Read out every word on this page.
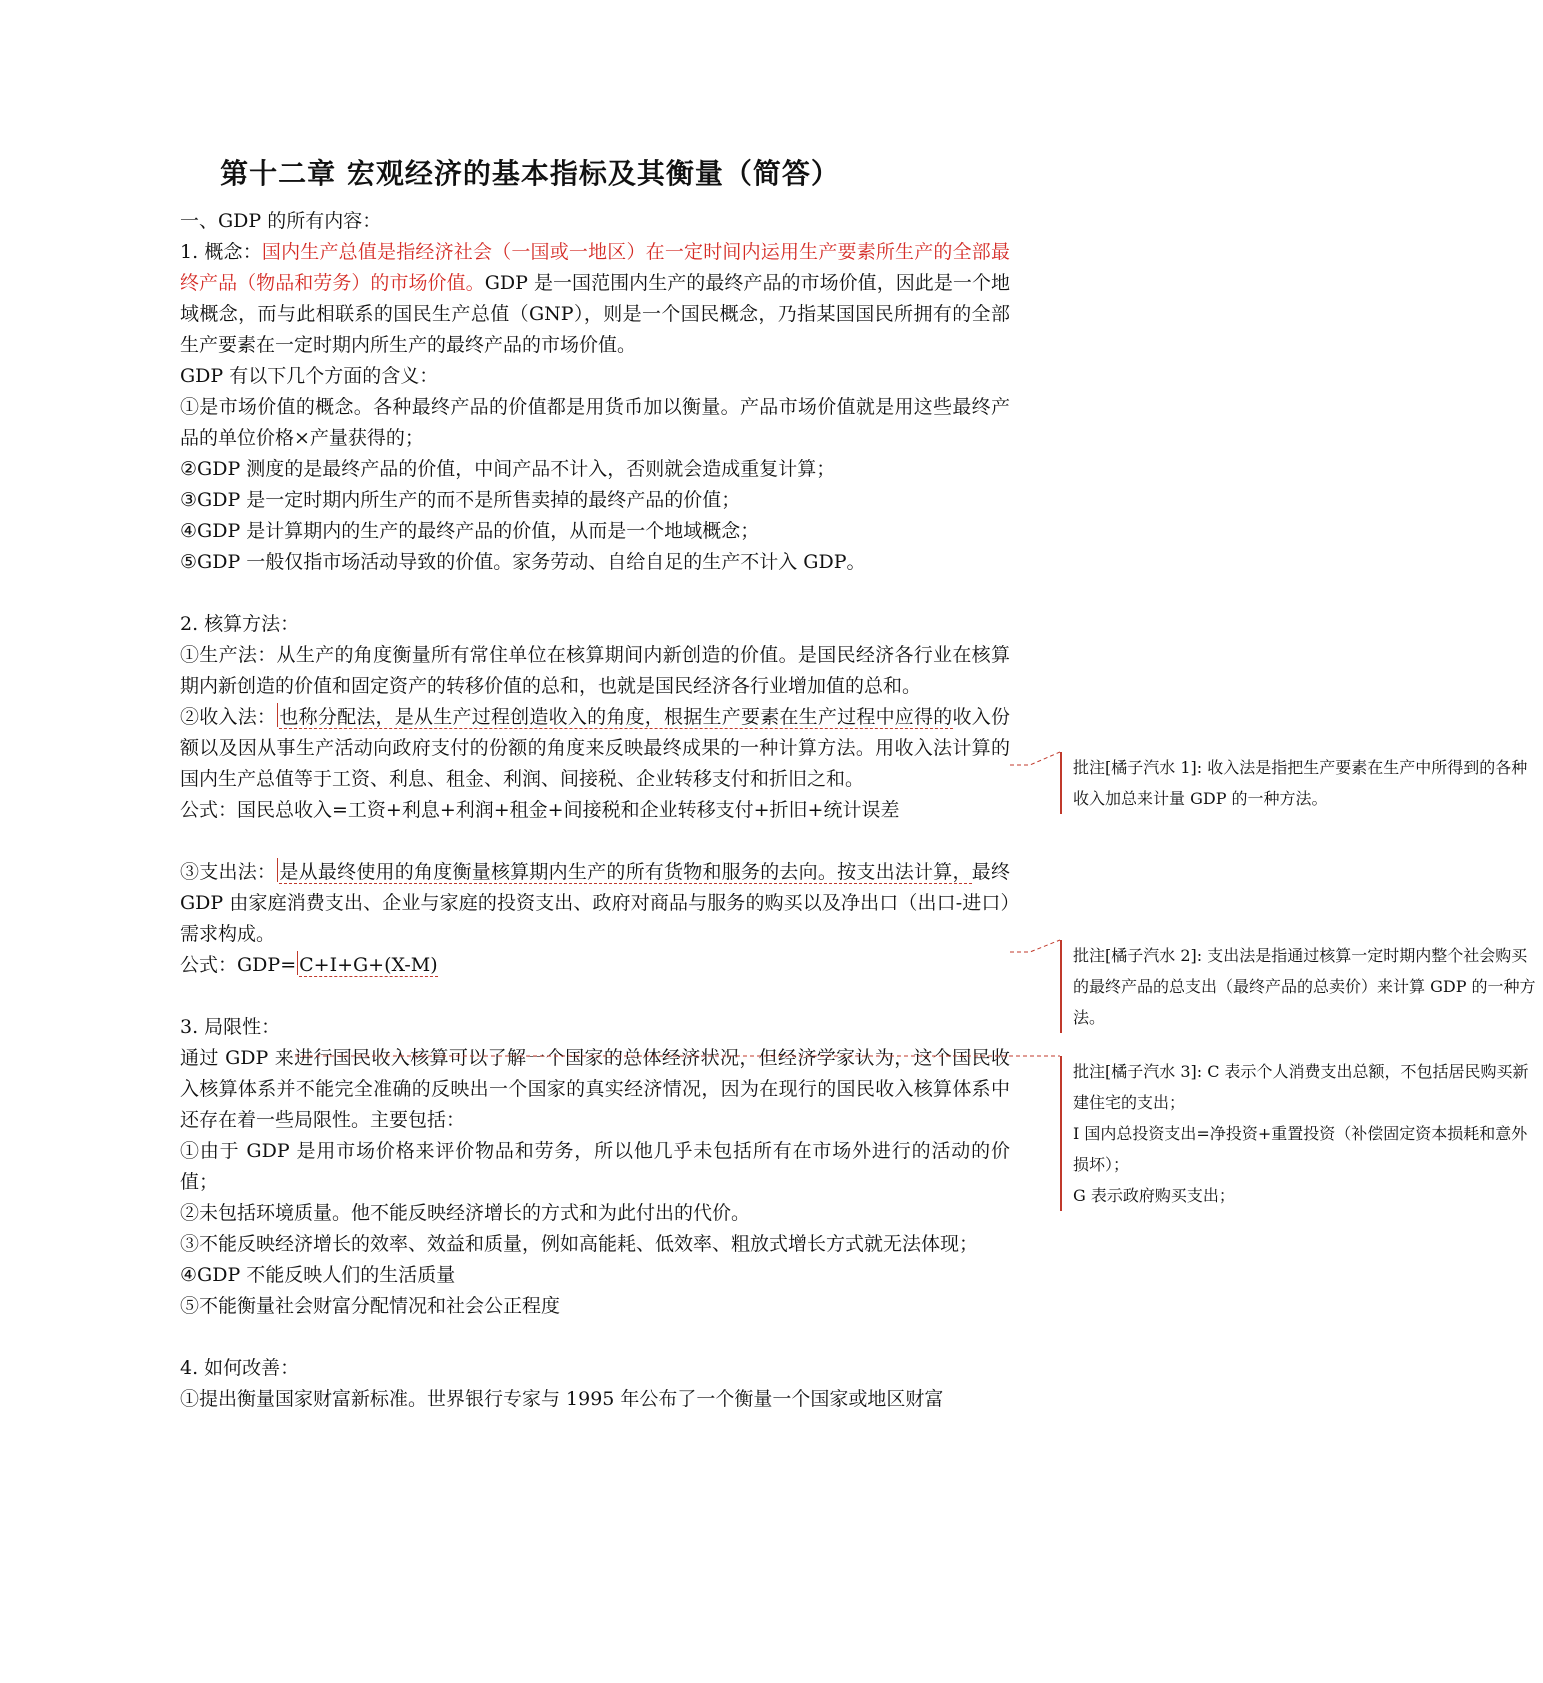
第十二章 宏观经济的基本指标及其衡量（简答）

一、GDP 的所有内容：

1. 概念：国内生产总值是指经济社会（一国或一地区）在一定时间内运用生产要素所生产的全部最终产品（物品和劳务）的市场价值。GDP 是一国范围内生产的最终产品的市场价值，因此是一个地域概念，而与此相联系的国民生产总值（GNP），则是一个国民概念，乃指某国国民所拥有的全部生产要素在一定时期内所生产的最终产品的市场价值。

GDP 有以下几个方面的含义：

①是市场价值的概念。各种最终产品的价值都是用货币加以衡量。产品市场价值就是用这些最终产品的单位价格×产量获得的；

②GDP 测度的是最终产品的价值，中间产品不计入，否则就会造成重复计算；

③GDP 是一定时期内所生产的而不是所售卖掉的最终产品的价值；

④GDP 是计算期内的生产的最终产品的价值，从而是一个地域概念；

⑤GDP 一般仅指市场活动导致的价值。家务劳动、自给自足的生产不计入 GDP。

2. 核算方法：

①生产法：从生产的角度衡量所有常住单位在核算期间内新创造的价值。是国民经济各行业在核算期内新创造的价值和固定资产的转移价值的总和，也就是国民经济各行业增加值的总和。

②收入法： 也称分配法，是从生产过程创造收入的角度，根据生产要素在生产过程中应得的收入份额以及因从事生产活动向政府支付的份额的角度来反映最终成果的一种计算方法。用收入法计算的国内生产总值等于工资、利息、租金、利润、间接税、企业转移支付和折旧之和。

公式：国民总收入=工资+利息+利润+租金+间接税和企业转移支付+折旧+统计误差

③支出法： 是从最终使用的角度衡量核算期内生产的所有货物和服务的去向。按支出法计算，最终 GDP 由家庭消费支出、企业与家庭的投资支出、政府对商品与服务的购买以及净出口（出口-进口）需求构成。

公式：GDP= C+I+G+(X-M)

3. 局限性：

通过 GDP 来进行国民收入核算可以了解一个国家的总体经济状况，但经济学家认为，这个国民收入核算体系并不能完全准确的反映出一个国家的真实经济情况，因为在现行的国民收入核算体系中还存在着一些局限性。主要包括：

①由于 GDP 是用市场价格来评价物品和劳务，所以他几乎未包括所有在市场外进行的活动的价值；

②未包括环境质量。他不能反映经济增长的方式和为此付出的代价。

③不能反映经济增长的效率、效益和质量，例如高能耗、低效率、粗放式增长方式就无法体现；

④GDP 不能反映人们的生活质量

⑤不能衡量社会财富分配情况和社会公正程度

4. 如何改善：

①提出衡量国家财富新标准。世界银行专家与 1995 年公布了一个衡量一个国家或地区财富

批注[橘子汽水 1]: 收入法是指把生产要素在生产中所得到的各种收入加总来计量 GDP 的一种方法。

批注[橘子汽水 2]: 支出法是指通过核算一定时期内整个社会购买的最终产品的总支出（最终产品的总卖价）来计算 GDP 的一种方法。

批注[橘子汽水 3]: C 表示个人消费支出总额，不包括居民购买新建住宅的支出；

I 国内总投资支出=净投资+重置投资（补偿固定资本损耗和意外损坏）；

G 表示政府购买支出；
